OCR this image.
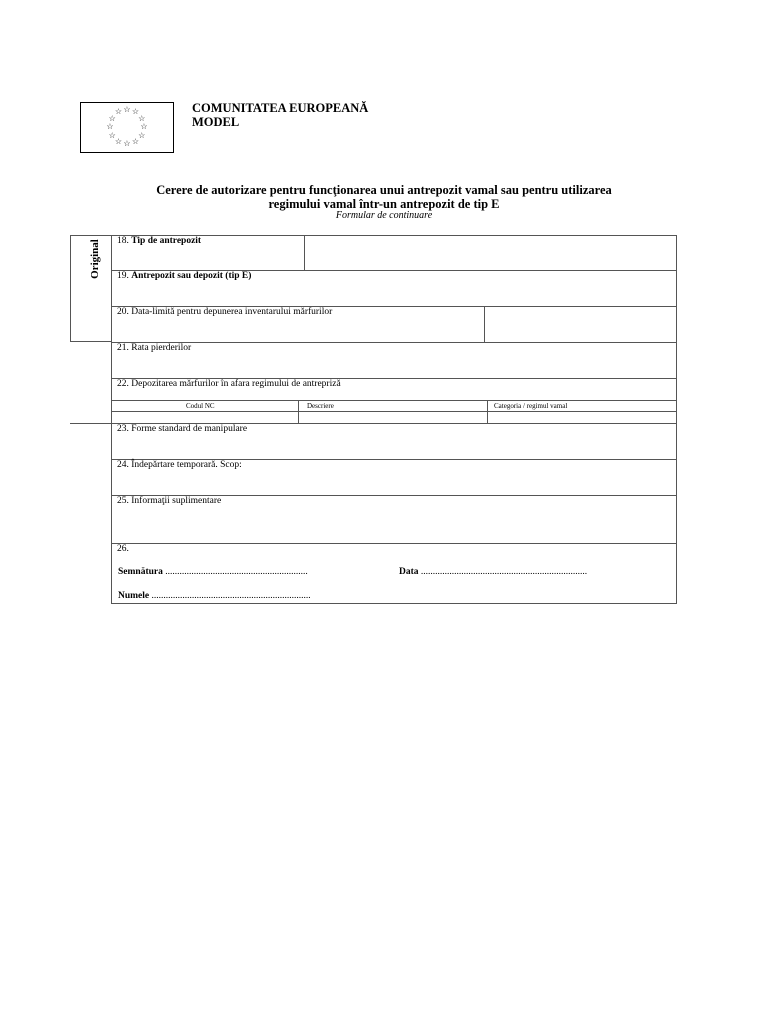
☆ ☆
☆
☆
☆
☆
☆
☆
☆
☆
☆
☆	COMUNITATEA EUROPEANĂ
MODEL
Cerere de autorizare pentru funcţionarea unui antrepozit vamal sau pentru utilizarea
regimului vamal într-un antrepozit de tip E
Formular de continuare
Original 18. Tip de antrepozit
19. Antrepozit sau depozit (tip E)
20. Data-limită pentru depunerea inventarului mărfurilor
21. Rata pierderilor
22. Depozitarea mărfurilor în afara regimului de antrepriză
Codul NC	Descriere	Categoria / regimul vamal
23. Forme standard de manipulare
24. Îndepărtare temporară. Scop:
25. Informaţii suplimentare
26.
Semnătura ............................................................	Data ......................................................................
Numele ...................................................................
